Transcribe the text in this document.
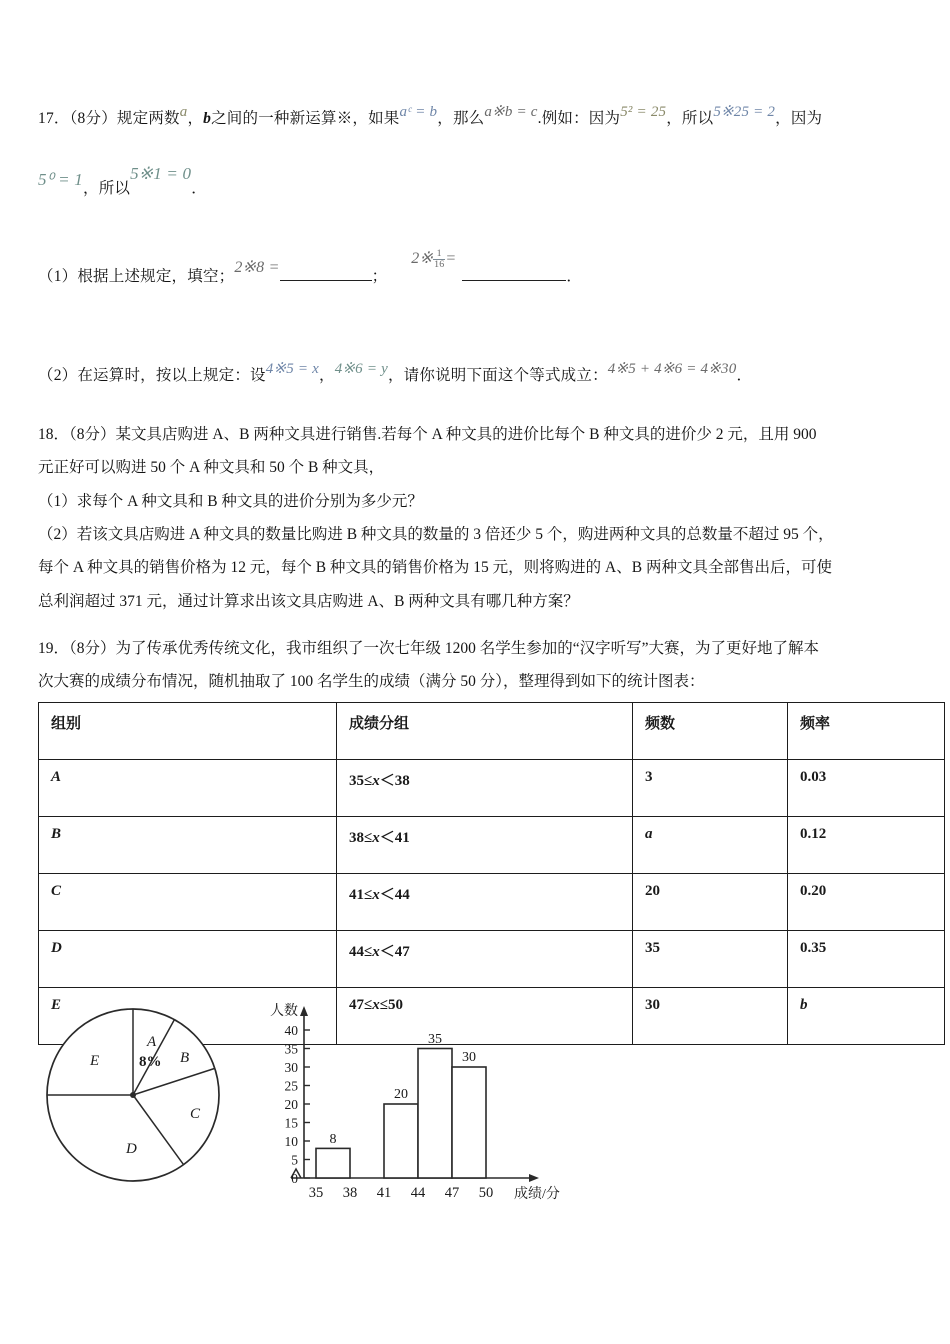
17．（8分）规定两数a，b之间的一种新运算※，如果aᶜ = b，那么a※b = c.例如：因为5² = 25，所以5※25 = 2，因为
5⁰ = 1，所以5※1 = 0．
（1）根据上述规定，填空；2※8 =；2※ $\frac{1}{16}$ =．
（2）在运算时，按以上规定：设4※5 = x，4※6 = y，请你说明下面这个等式成立：4※5 + 4※6 = 4※30．
18．（8分）某文具店购进 A、B 两种文具进行销售.若每个 A 种文具的进价比每个 B 种文具的进价少 2 元，且用 900
元正好可以购进 50 个 A 种文具和 50 个 B 种文具，
（1）求每个 A 种文具和 B 种文具的进价分别为多少元？
（2）若该文具店购进 A 种文具的数量比购进 B 种文具的数量的 3 倍还少 5 个，购进两种文具的总数量不超过 95 个，
每个 A 种文具的销售价格为 12 元，每个 B 种文具的销售价格为 15 元，则将购进的 A、B 两种文具全部售出后，可使
总利润超过 371 元，通过计算求出该文具店购进 A、B 两种文具有哪几种方案？
19．（8分）为了传承优秀传统文化，我市组织了一次七年级 1200 名学生参加的“汉字听写”大赛，为了更好地了解本
次大赛的成绩分布情况，随机抽取了 100 名学生的成绩（满分 50 分），整理得到如下的统计图表：
组别	成绩分组	频数	频率
A	35≤x＜38	3	0.03
B	38≤x＜41	a	0.12
C	41≤x＜44	20	0.20
D	44≤x＜47	35	0.35
E	47≤x≤50	30	b
A
8% B
C
D
E
0
5
10
15
20
25
30
35
40
人数
8
20
35
30
35 38 41 44 47 50 成绩/分
